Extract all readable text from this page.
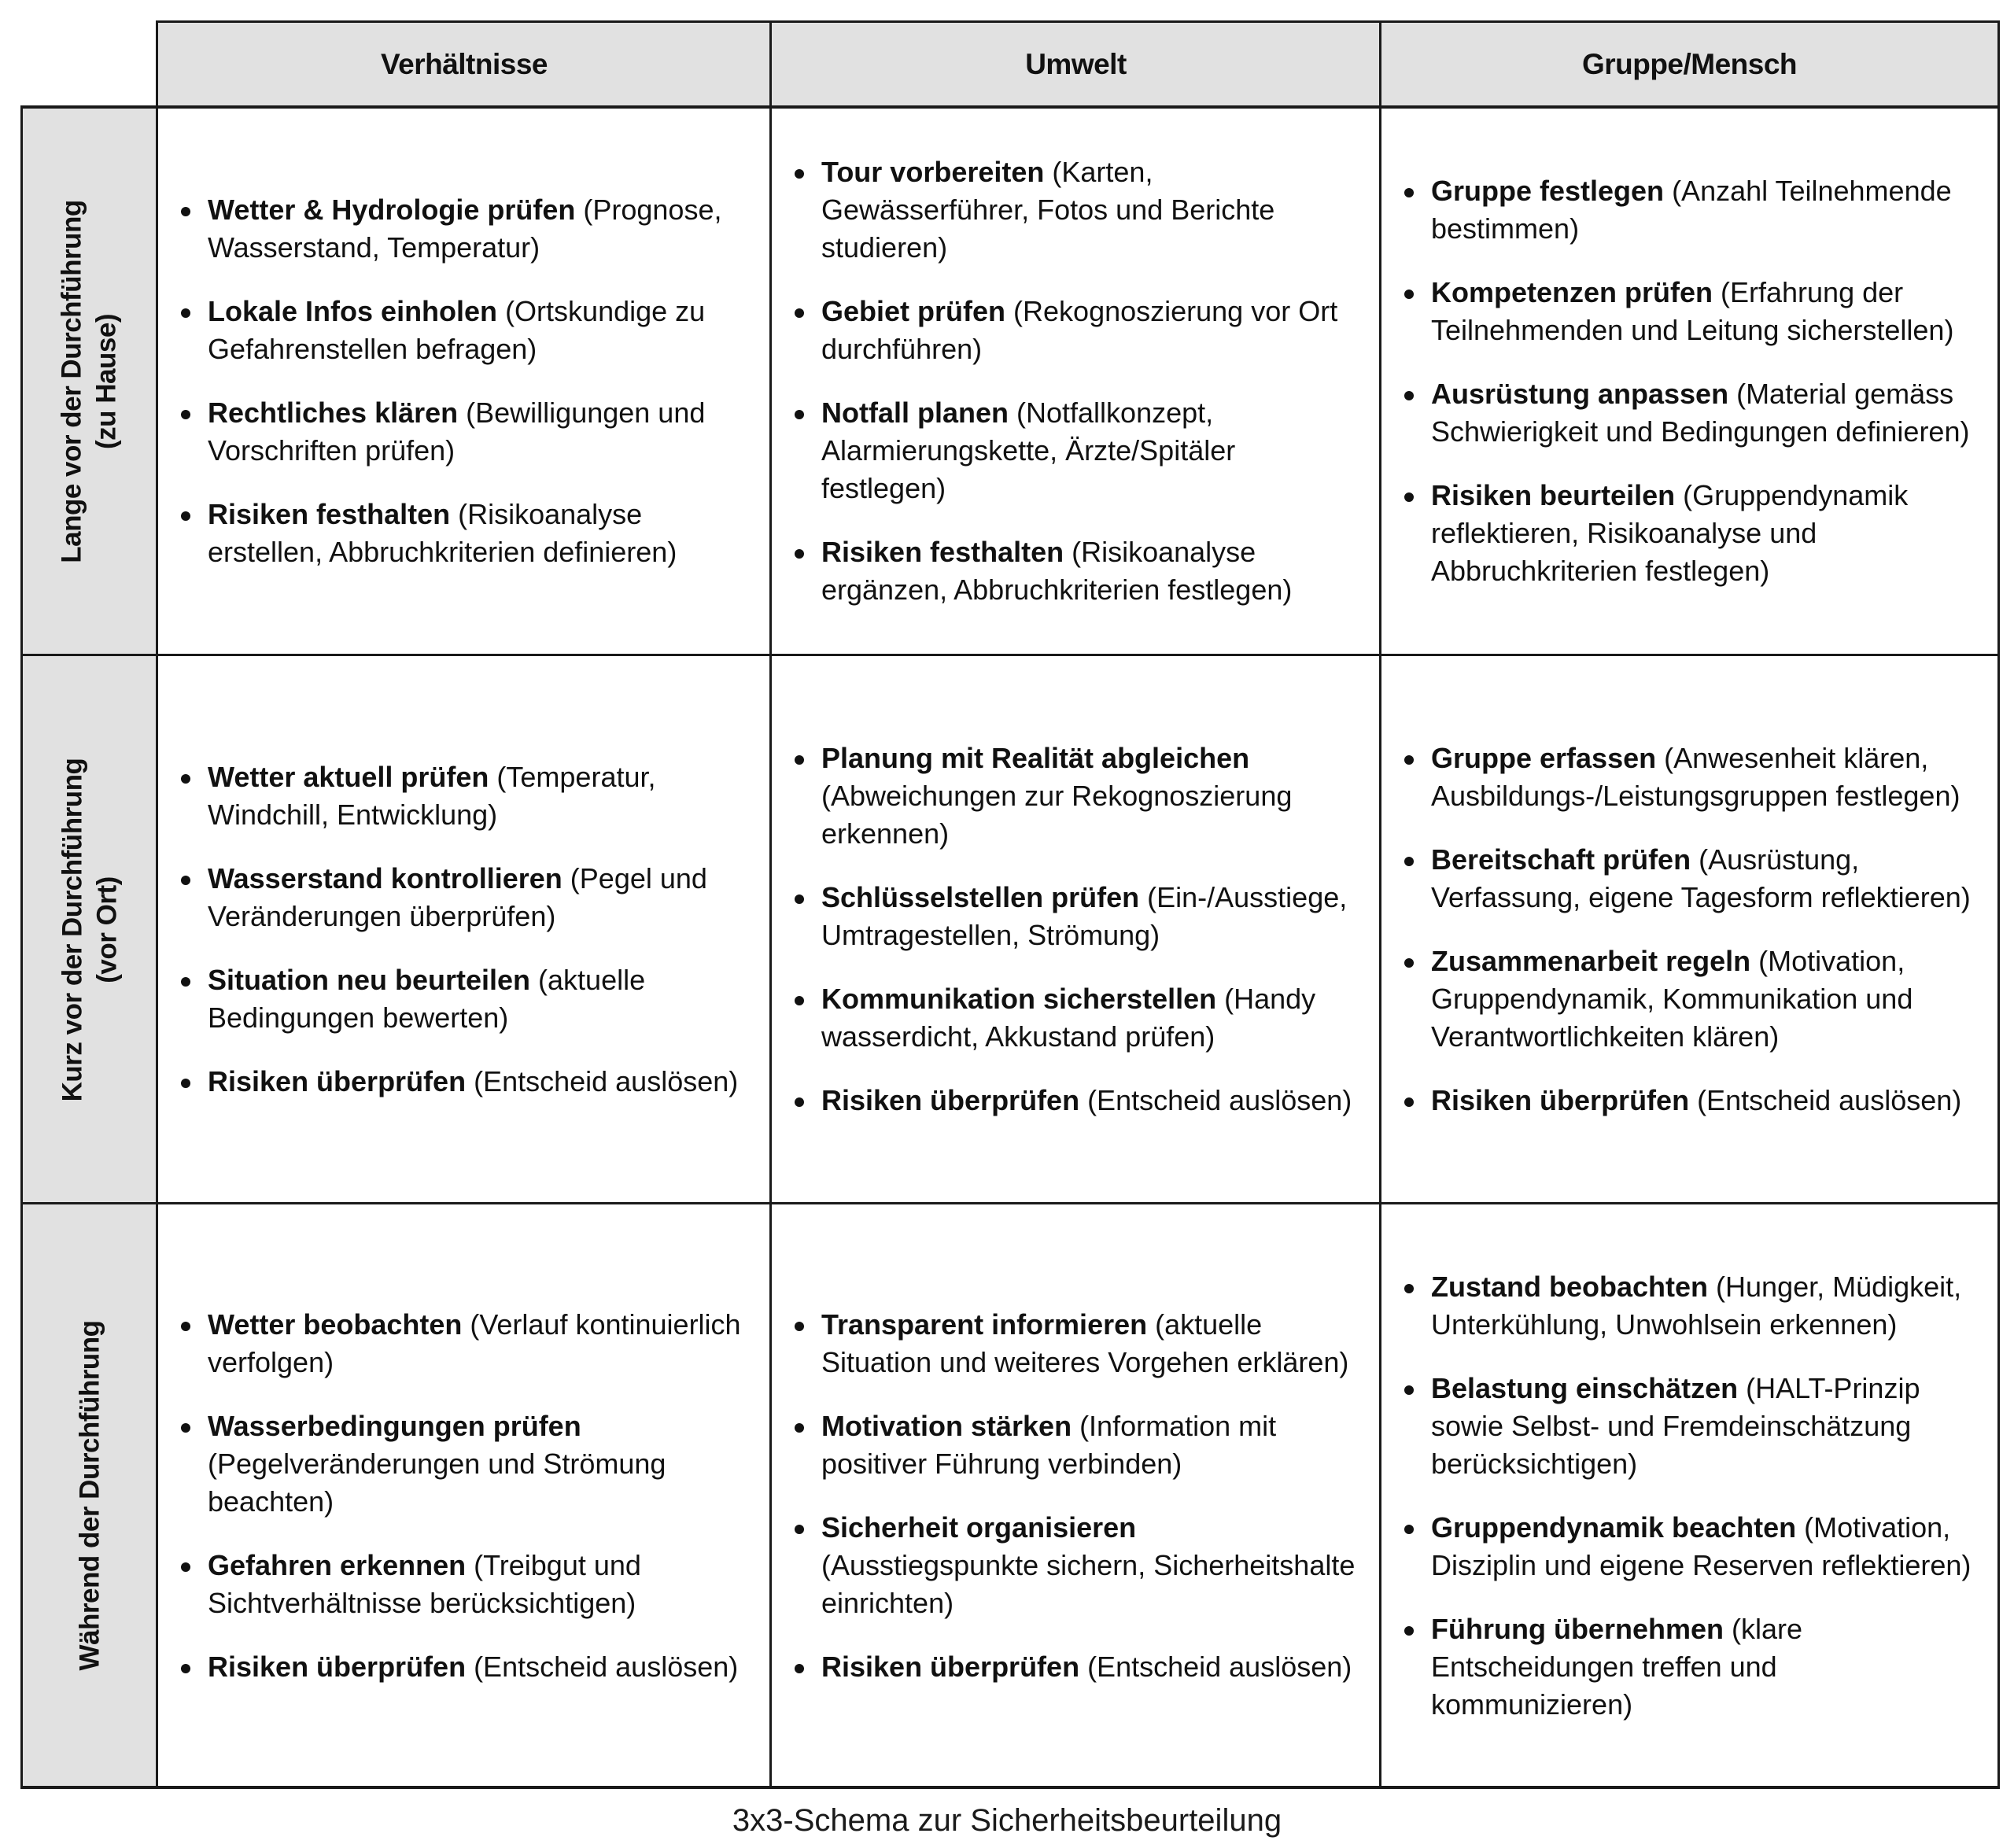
Verhältnisse	Umwelt	Gruppe/Mensch
Lange vor der Durchführung (zu Hause)
Kurz vor der Durchführung (vor Ort)
Während der Durchführung
Wetter & Hydrologie prüfen (Prognose, Wasserstand, Temperatur)
Lokale Infos einholen (Ortskundige zu Gefahrenstellen befragen)
Rechtliches klären (Bewilligungen und Vorschriften prüfen)
Risiken festhalten (Risikoanalyse erstellen, Abbruchkriterien definieren)
Tour vorbereiten (Karten, Gewässerführer, Fotos und Berichte studieren)
Gebiet prüfen (Rekognoszierung vor Ort durchführen)
Notfall planen (Notfallkonzept, Alarmierungskette, Ärzte/Spitäler festlegen)
Risiken festhalten (Risikoanalyse ergänzen, Abbruchkriterien festlegen)
Gruppe festlegen (Anzahl Teilnehmende bestimmen)
Kompetenzen prüfen (Erfahrung der Teilnehmenden und Leitung sicherstellen)
Ausrüstung anpassen (Material gemäss Schwierigkeit und Bedingungen definieren)
Risiken beurteilen (Gruppendynamik reflektieren, Risikoanalyse und Abbruchkriterien festlegen)
Wetter aktuell prüfen (Temperatur, Windchill, Entwicklung)
Wasserstand kontrollieren (Pegel und Veränderungen überprüfen)
Situation neu beurteilen (aktuelle Bedingungen bewerten)
Risiken überprüfen (Entscheid auslösen)
Planung mit Realität abgleichen (Abweichungen zur Rekognoszierung erkennen)
Schlüsselstellen prüfen (Ein-/Ausstiege, Umtragestellen, Strömung)
Kommunikation sicherstellen (Handy wasserdicht, Akkustand prüfen)
Risiken überprüfen (Entscheid auslösen)
Gruppe erfassen (Anwesenheit klären, Ausbildungs-/Leistungsgruppen festlegen)
Bereitschaft prüfen (Ausrüstung, Verfassung, eigene Tagesform reflektieren)
Zusammenarbeit regeln (Motivation, Gruppendynamik, Kommunikation und Verantwortlichkeiten klären)
Risiken überprüfen (Entscheid auslösen)
Wetter beobachten (Verlauf kontinuierlich verfolgen)
Wasserbedingungen prüfen (Pegelveränderungen und Strömung beachten)
Gefahren erkennen (Treibgut und Sichtverhältnisse berücksichtigen)
Risiken überprüfen (Entscheid auslösen)
Transparent informieren (aktuelle Situation und weiteres Vorgehen erklären)
Motivation stärken (Information mit positiver Führung verbinden)
Sicherheit organisieren (Ausstiegspunkte sichern, Sicherheitshalte einrichten)
Risiken überprüfen (Entscheid auslösen)
Zustand beobachten (Hunger, Müdigkeit, Unterkühlung, Unwohlsein erkennen)
Belastung einschätzen (HALT-Prinzip sowie Selbst- und Fremdeinschätzung berücksichtigen)
Gruppendynamik beachten (Motivation, Disziplin und eigene Reserven reflektieren)
Führung übernehmen (klare Entscheidungen treffen und kommunizieren)
3x3-Schema zur Sicherheitsbeurteilung
